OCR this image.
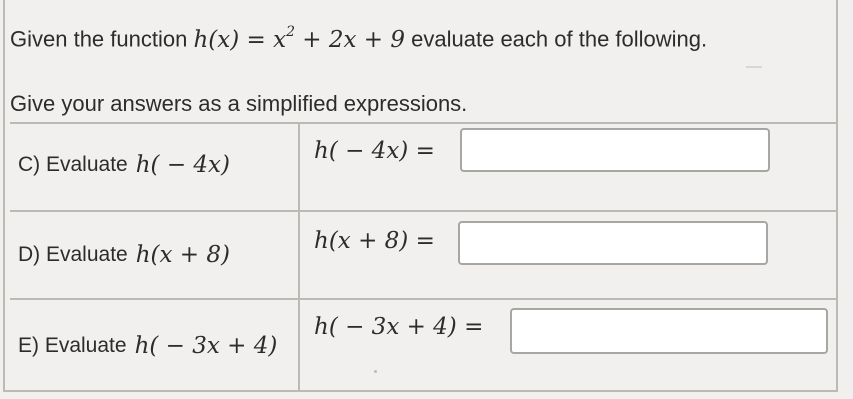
Given the function $h(x) = x^2 + 2x + 9$ evaluate each of the following.
Give your answers as a simplified expressions.
C) Evaluate h( − 4x)
h( − 4x) =
D) Evaluate h(x + 8)
h(x + 8) =
E) Evaluate h( − 3x + 4)
h( − 3x + 4) =
